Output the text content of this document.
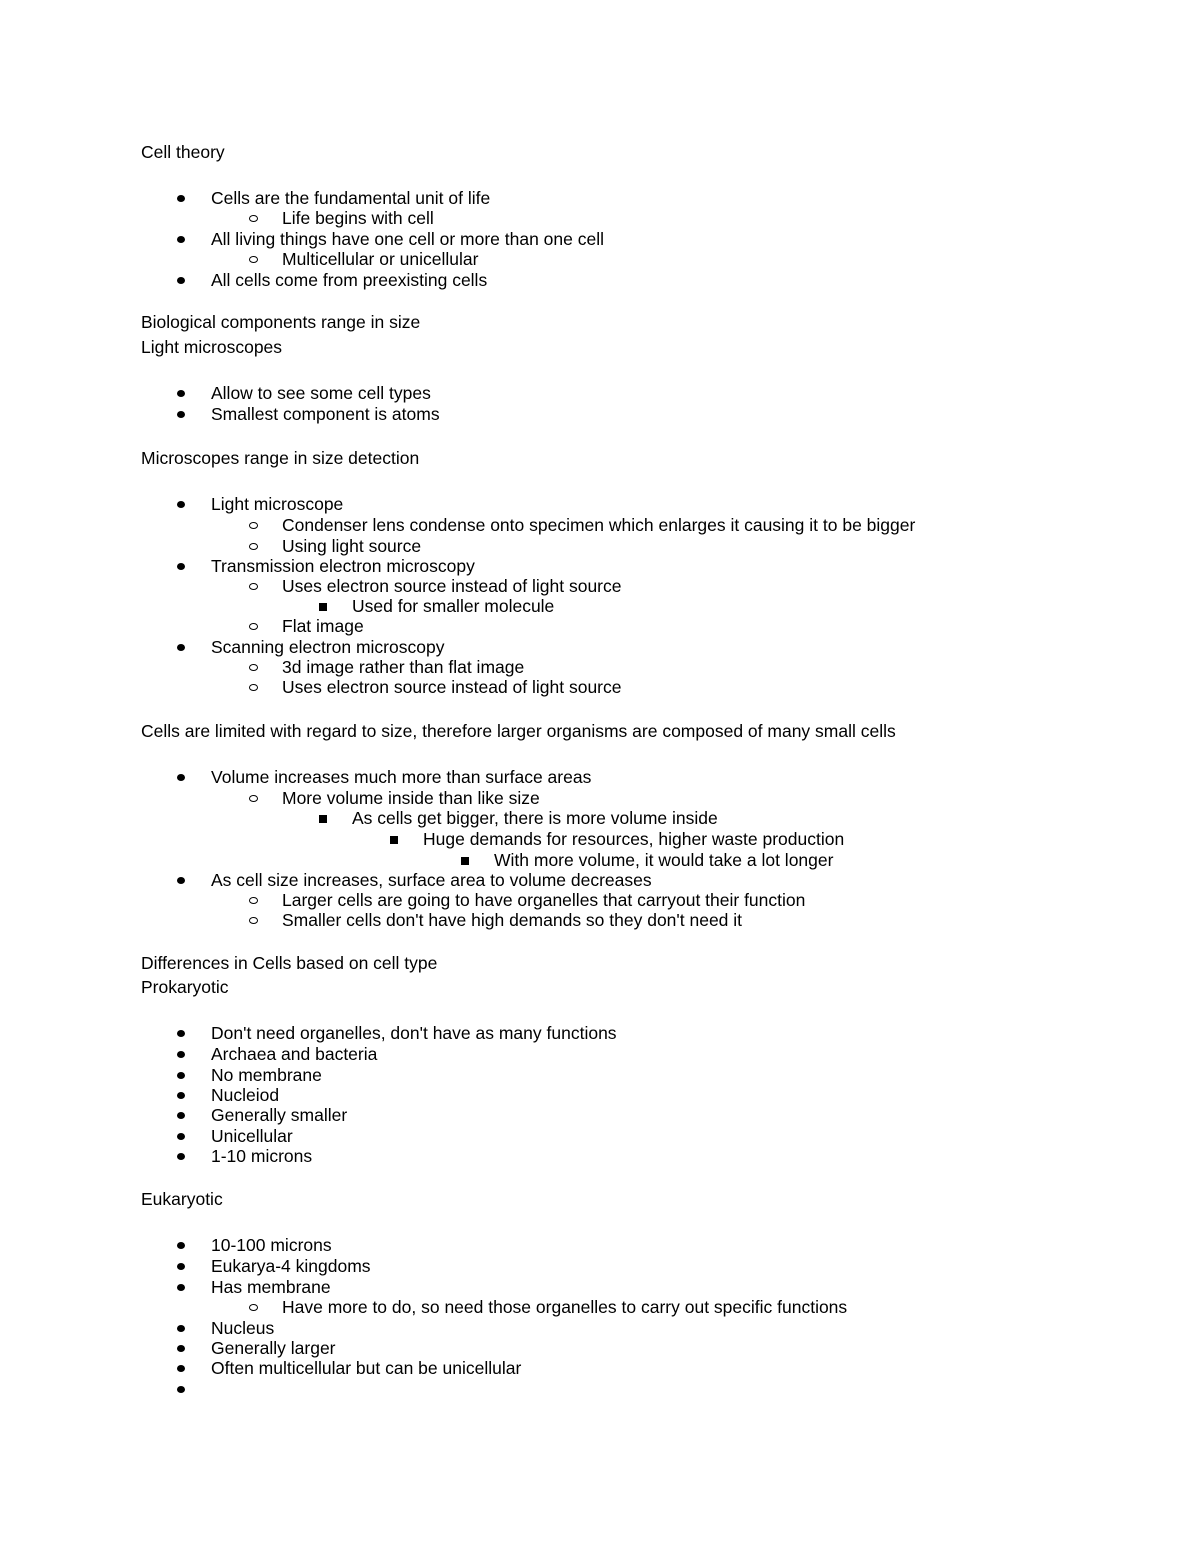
Cell theory
Cells are the fundamental unit of life
Life begins with cell
All living things have one cell or more than one cell
Multicellular or unicellular
All cells come from preexisting cells
Biological components range in size
Light microscopes
Allow to see some cell types
Smallest component is atoms
Microscopes range in size detection
Light microscope
Condenser lens condense onto specimen which enlarges it causing it to be bigger
Using light source
Transmission electron microscopy
Uses electron source instead of light source
Used for smaller molecule
Flat image
Scanning electron microscopy
3d image rather than flat image
Uses electron source instead of light source
Cells are limited with regard to size, therefore larger organisms are composed of many small cells
Volume increases much more than surface areas
More volume inside than like size
As cells get bigger, there is more volume inside
Huge demands for resources, higher waste production
With more volume, it would take a lot longer
As cell size increases, surface area to volume decreases
Larger cells are going to have organelles that carryout their function
Smaller cells don't have high demands so they don't need it
Differences in Cells based on cell type
Prokaryotic
Don't need organelles, don't have as many functions
Archaea and bacteria
No membrane
Nucleiod
Generally smaller
Unicellular
1-10 microns
Eukaryotic
10-100 microns
Eukarya-4 kingdoms
Has membrane
Have more to do, so need those organelles to carry out specific functions
Nucleus
Generally larger
Often multicellular but can be unicellular
